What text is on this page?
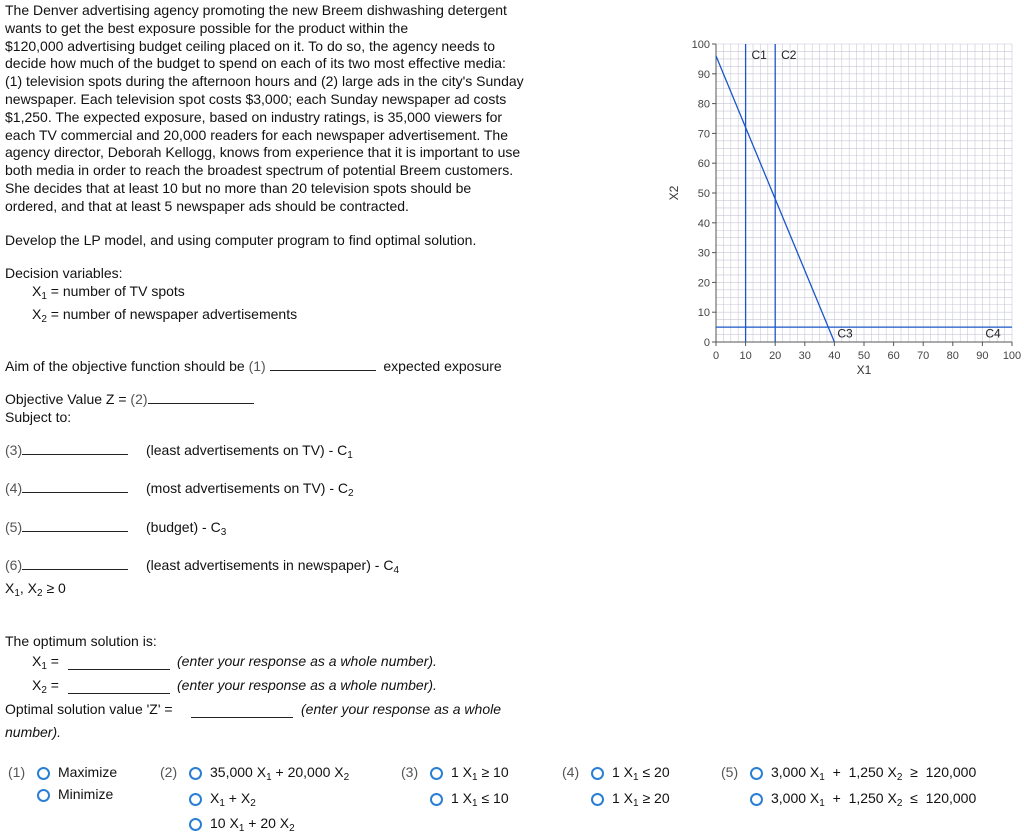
The Denver advertising agency promoting the new Breem dishwashing detergent

wants to get the best exposure possible for the product within the

$120,000 advertising budget ceiling placed on it. To do so, the agency needs to

decide how much of the budget to spend on each of its two most effective media:

(1) television spots during the afternoon hours and (2) large ads in the city's Sunday

newspaper. Each television spot costs $3,000; each Sunday newspaper ad costs

$1,250. The expected exposure, based on industry ratings, is 35,000 viewers for

each TV commercial and 20,000 readers for each newspaper advertisement. The

agency director, Deborah Kellogg, knows from experience that it is important to use

both media in order to reach the broadest spectrum of potential Breem customers.

She decides that at least 10 but no more than 20 television spots should be

ordered, and that at least 5 newspaper ads should be contracted.

Develop the LP model, and using computer program to find optimal solution.
Decision variables:
$X_1$ = number of TV spots
$X_2$ = number of newspaper advertisements
Aim of the objective function should be (1)	expected exposure
Objective Value Z = (2)
Subject to:
(3)	(least advertisements on $TV) - C_1$
(4)	(most advertisements on $TV) - C_2$
(5)	(budget) - $C_3$
(6)	(least advertisements in newspaper) - $C_4$
$X_1$, $X_2 \ge 0$
The optimum solution is:
$X_1$ =	(enter your response as a whole number).
$X_2$ =	(enter your response as a whole number).
Optimal solution value 'Z' =	(enter your response as a whole
number).
(1)	Maximize
Minimize
(2)	35,000 $X_1 + 20,000$ $X_2$
$X_1 + X_2$
10 $X_1 + 20$ $X_2$
(3)	1 $X_1 \ge 10$
1 $X_1 \le 10$
(4)	1 $X_1 \le 20$
1 $X_1 \ge 20$
(5)	3,000 $X_1 + 1,250$ $X_2 \ge 120,000$
3,000 $X_1 + 1,250$ $X_2 \le 120,000$
0 10 20 30 40 50 60 70 80 90 100
0
10
20
30
40
50
60
70
80
90
100
X1
X2
C1 C2
C3	C4
